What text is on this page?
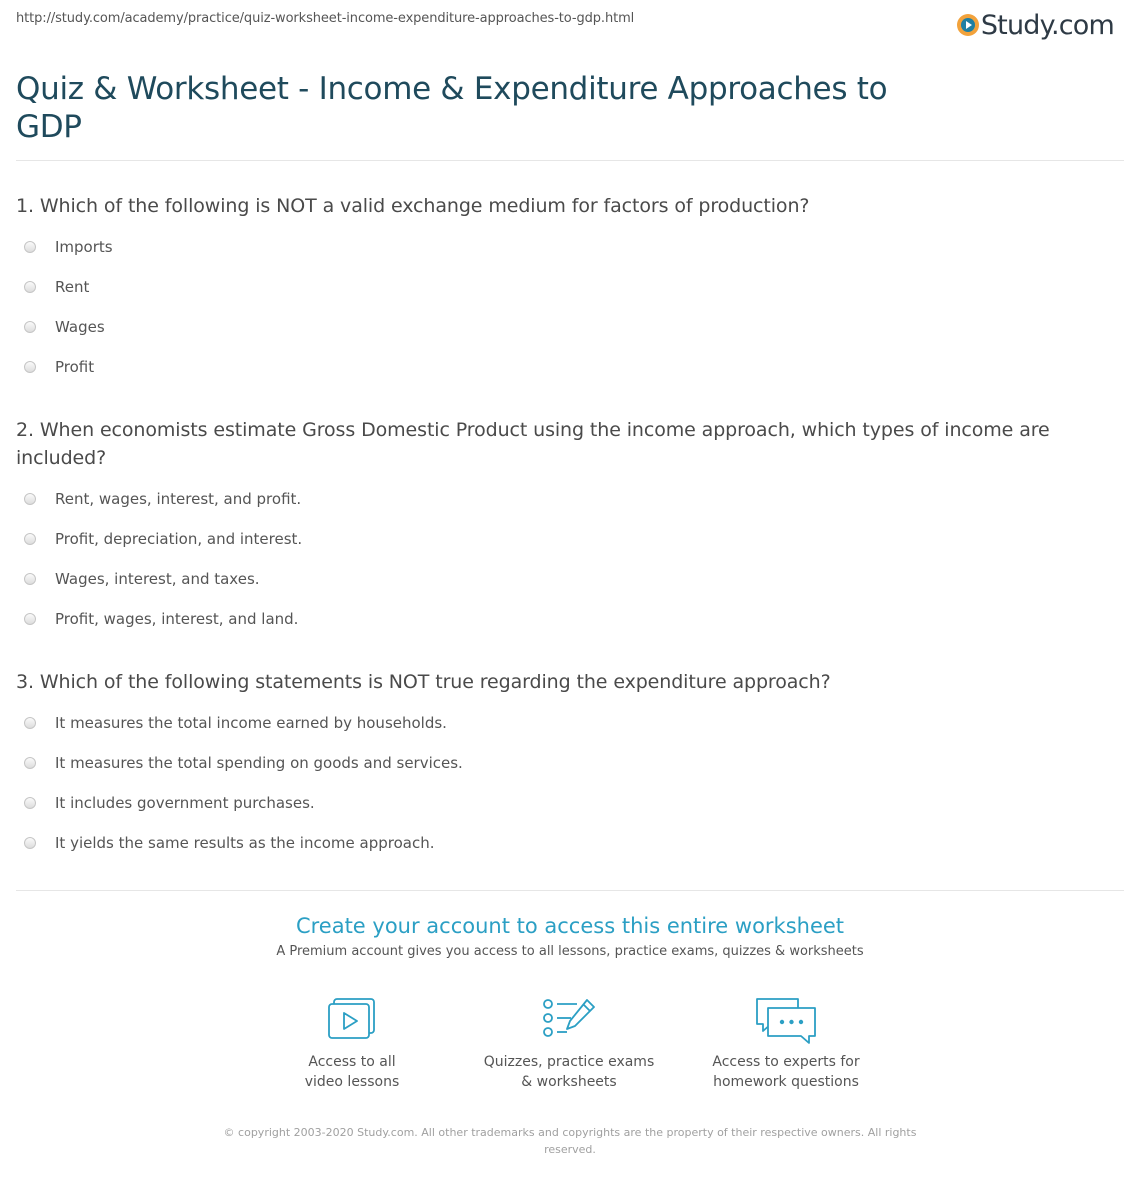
http://study.com/academy/practice/quiz-worksheet-income-expenditure-approaches-to-gdp.html	Study.com
Quiz & Worksheet - Income & Expenditure Approaches to GDP

1. Which of the following is NOT a valid exchange medium for factors of production?

Imports
Rent
Wages
Profit

2. When economists estimate Gross Domestic Product using the income approach, which types of income are included?

Rent, wages, interest, and profit.
Profit, depreciation, and interest.
Wages, interest, and taxes.
Profit, wages, interest, and land.

3. Which of the following statements is NOT true regarding the expenditure approach?

It measures the total income earned by households.
It measures the total spending on goods and services.
It includes government purchases.
It yields the same results as the income approach.
Create your account to access this entire worksheet
A Premium account gives you access to all lessons, practice exams, quizzes & worksheets
Access to all
video lessons
Quizzes, practice exams
& worksheets
Access to experts for
homework questions
© copyright 2003-2020 Study.com. All other trademarks and copyrights are the property of their respective owners. All rights reserved.
